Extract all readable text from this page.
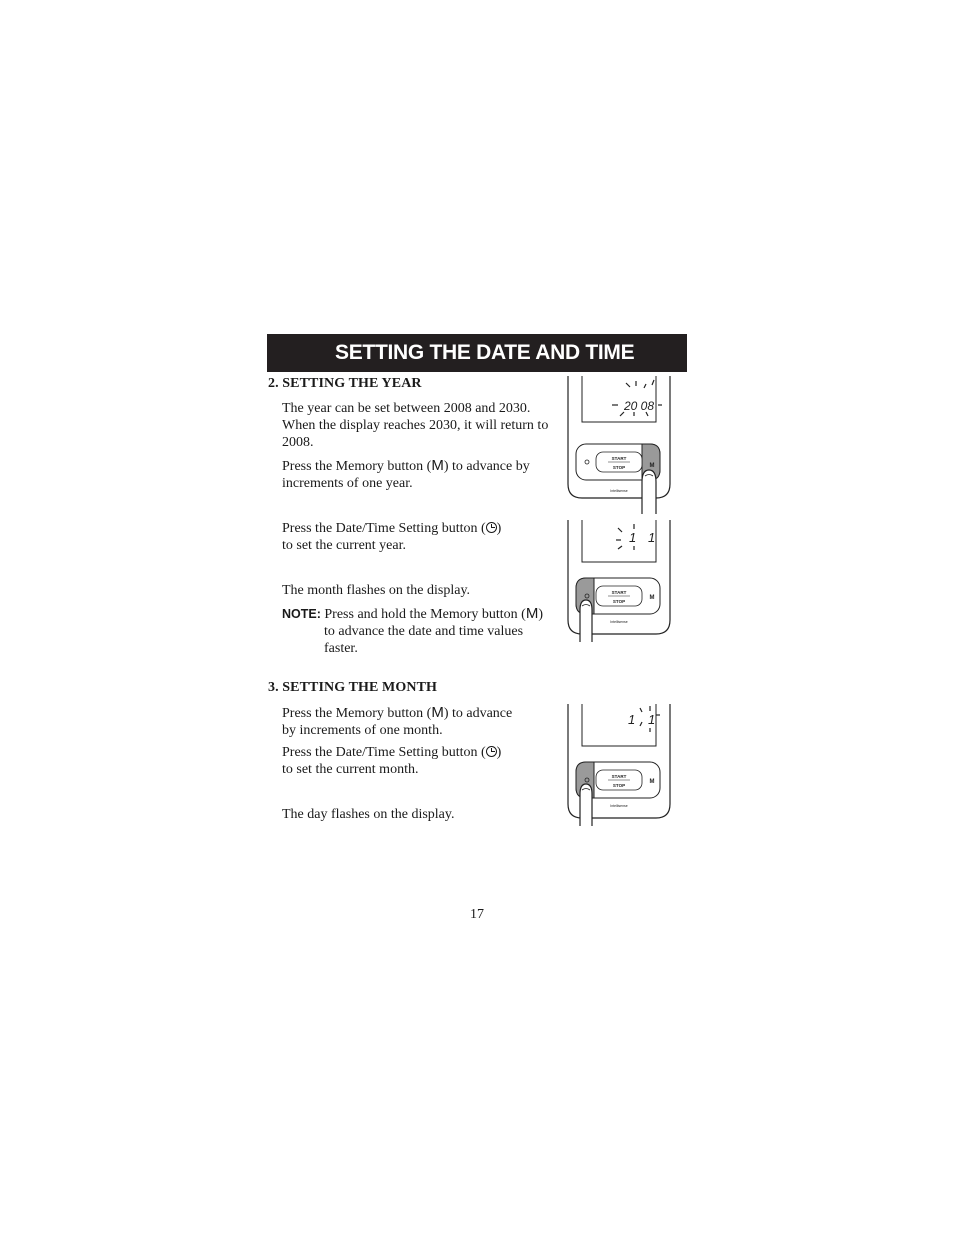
SETTING THE DATE AND TIME
2. SETTING THE YEAR
The year can be set between 2008 and 2030.
When the display reaches 2030, it will return to
2008.
Press the Memory button (M) to advance by
increments of one year.
Press the Date/Time Setting button ( )
to set the current year.
The month flashes on the display.
NOTE: Press and hold the Memory button (M)
to advance the date and time values
faster.
3. SETTING THE MONTH
Press the Memory button (M) to advance
by increments of one month.
Press the Date/Time Setting button ( )
to set the current month.
The day flashes on the display.
20 08
START
STOP	M
Intellisense
1 1
START
STOP
M
Intellisense
1 1
START
STOP
M
Intellisense
17
